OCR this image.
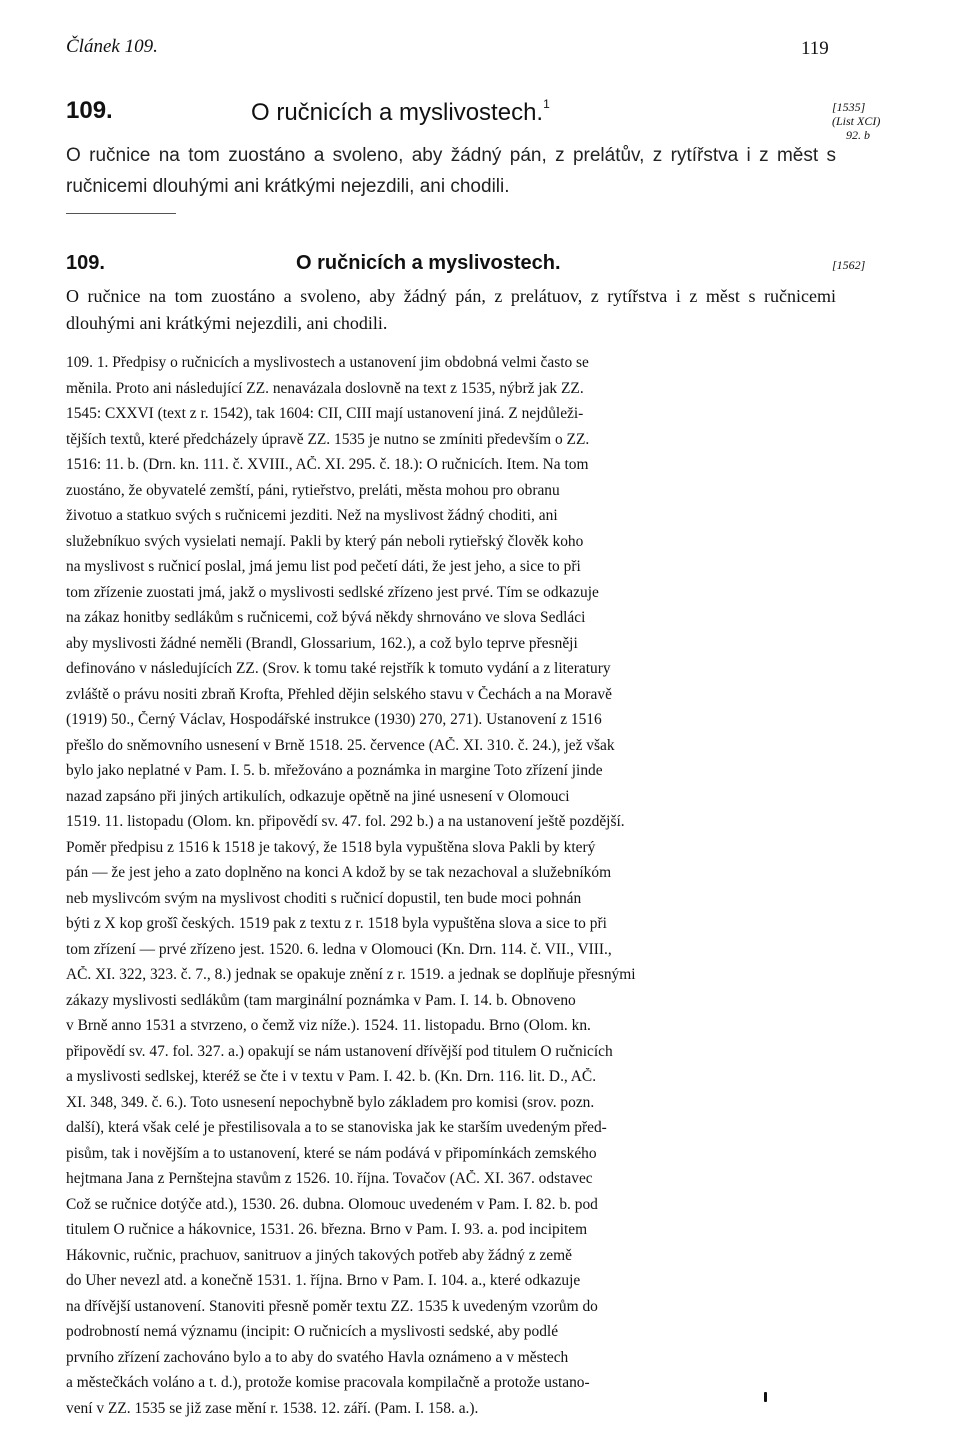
Článek 109.	119
109.	O ručnicích a myslivostech.$^1$	[1535]
(List XCI)
92. b
O ručnice na tom zuostáno a svoleno, aby žádný pán, z prelátův, z rytířstva i z měst s ručnicemi dlouhými ani krátkými nejezdili, ani chodili.
109.	O ručnicích a myslivostech.	[1562]
O ručnice na tom zuostáno a svoleno, aby žádný pán, z prelátuov, z rytířstva i z měst s ručnicemi dlouhými ani krátkými nejezdili, ani chodili.
109. 1. Předpisy o ručnicích a myslivostech a ustanovení jim obdobná velmi často se
měnila. Proto ani následující ZZ. nenavázala doslovně na text z 1535, nýbrž jak ZZ.
1545: CXXVI (text z r. 1542), tak 1604: CII, CIII mají ustanovení jiná. Z nejdůleži-
tějších textů, které předcházely úpravě ZZ. 1535 je nutno se zmíniti především o ZZ.
1516: 11. b. (Drn. kn. 111. č. XVIII., AČ. XI. 295. č. 18.): O ručnicích. Item. Na tom
zuostáno, že obyvatelé zemští, páni, rytieřstvo, preláti, města mohou pro obranu
životuo a statkuo svých s ručnicemi jezditi. Než na myslivost žádný choditi, ani
služebníkuo svých vysielati nemají. Pakli by který pán neboli rytieřský člověk koho
na myslivost s ručnicí poslal, jmá jemu list pod pečetí dáti, že jest jeho, a sice to při
tom zřízenie zuostati jmá, jakž o myslivosti sedlské zřízeno jest prvé. Tím se odkazuje
na zákaz honitby sedlákům s ručnicemi, což bývá někdy shrnováno ve slova Sedláci
aby myslivosti žádné neměli (Brandl, Glossarium, 162.), a což bylo teprve přesněji
definováno v následujících ZZ. (Srov. k tomu také rejstřík k tomuto vydání a z literatury
zvláště o právu nositi zbraň Krofta, Přehled dějin selského stavu v Čechách a na Moravě
(1919) 50., Černý Václav, Hospodářské instrukce (1930) 270, 271). Ustanovení z 1516
přešlo do sněmovního usnesení v Brně 1518. 25. července (AČ. XI. 310. č. 24.), jež však
bylo jako neplatné v Pam. I. 5. b. mřežováno a poznámka in margine Toto zřízení jinde
nazad zapsáno při jiných artikulích, odkazuje opětně na jiné usnesení v Olomouci
1519. 11. listopadu (Olom. kn. připovědí sv. 47. fol. 292 b.) a na ustanovení ještě pozdější.
Poměr předpisu z 1516 k 1518 je takový, že 1518 byla vypuštěna slova Pakli by který
pán — že jest jeho a zato doplněno na konci A kdož by se tak nezachoval a služebníkóm
neb myslivcóm svým na myslivost choditi s ručnicí dopustil, ten bude moci pohnán
býti z X kop grošî českých. 1519 pak z textu z r. 1518 byla vypuštěna slova a sice to při
tom zřízení — prvé zřízeno jest. 1520. 6. ledna v Olomouci (Kn. Drn. 114. č. VII., VIII.,
AČ. XI. 322, 323. č. 7., 8.) jednak se opakuje znění z r. 1519. a jednak se doplňuje přesnými
zákazy myslivosti sedlákům (tam marginální poznámka v Pam. I. 14. b. Obnoveno
v Brně anno 1531 a stvrzeno, o čemž viz níže.). 1524. 11. listopadu. Brno (Olom. kn.
připovědí sv. 47. fol. 327. a.) opakují se nám ustanovení dřívější pod titulem O ručnicích
a myslivosti sedlskej, kteréž se čte i v textu v Pam. I. 42. b. (Kn. Drn. 116. lit. D., AČ.
XI. 348, 349. č. 6.). Toto usnesení nepochybně bylo základem pro komisi (srov. pozn.
další), která však celé je přestilisovala a to se stanoviska jak ke starším uvedeným před-
pisům, tak i novějším a to ustanovení, které se nám podává v připomínkách zemského
hejtmana Jana z Pernštejna stavům z 1526. 10. října. Tovačov (AČ. XI. 367. odstavec
Což se ručnice dotýče atd.), 1530. 26. dubna. Olomouc uvedeném v Pam. I. 82. b. pod
titulem O ručnice a hákovnice, 1531. 26. března. Brno v Pam. I. 93. a. pod incipitem
Hákovnic, ručnic, prachuov, sanitruov a jiných takových potřeb aby žádný z země
do Uher nevezl atd. a konečně 1531. 1. října. Brno v Pam. I. 104. a., které odkazuje
na dřívější ustanovení. Stanoviti přesně poměr textu ZZ. 1535 k uvedeným vzorům do
podrobností nemá významu (incipit: O ručnicích a myslivosti sedské, aby podlé
prvního zřízení zachováno bylo a to aby do svatého Havla oznámeno a v městech
a městečkách voláno a t. d.), protože komise pracovala kompilačně a protože ustano-
vení v ZZ. 1535 se již zase mění r. 1538. 12. září. (Pam. I. 158. a.).
